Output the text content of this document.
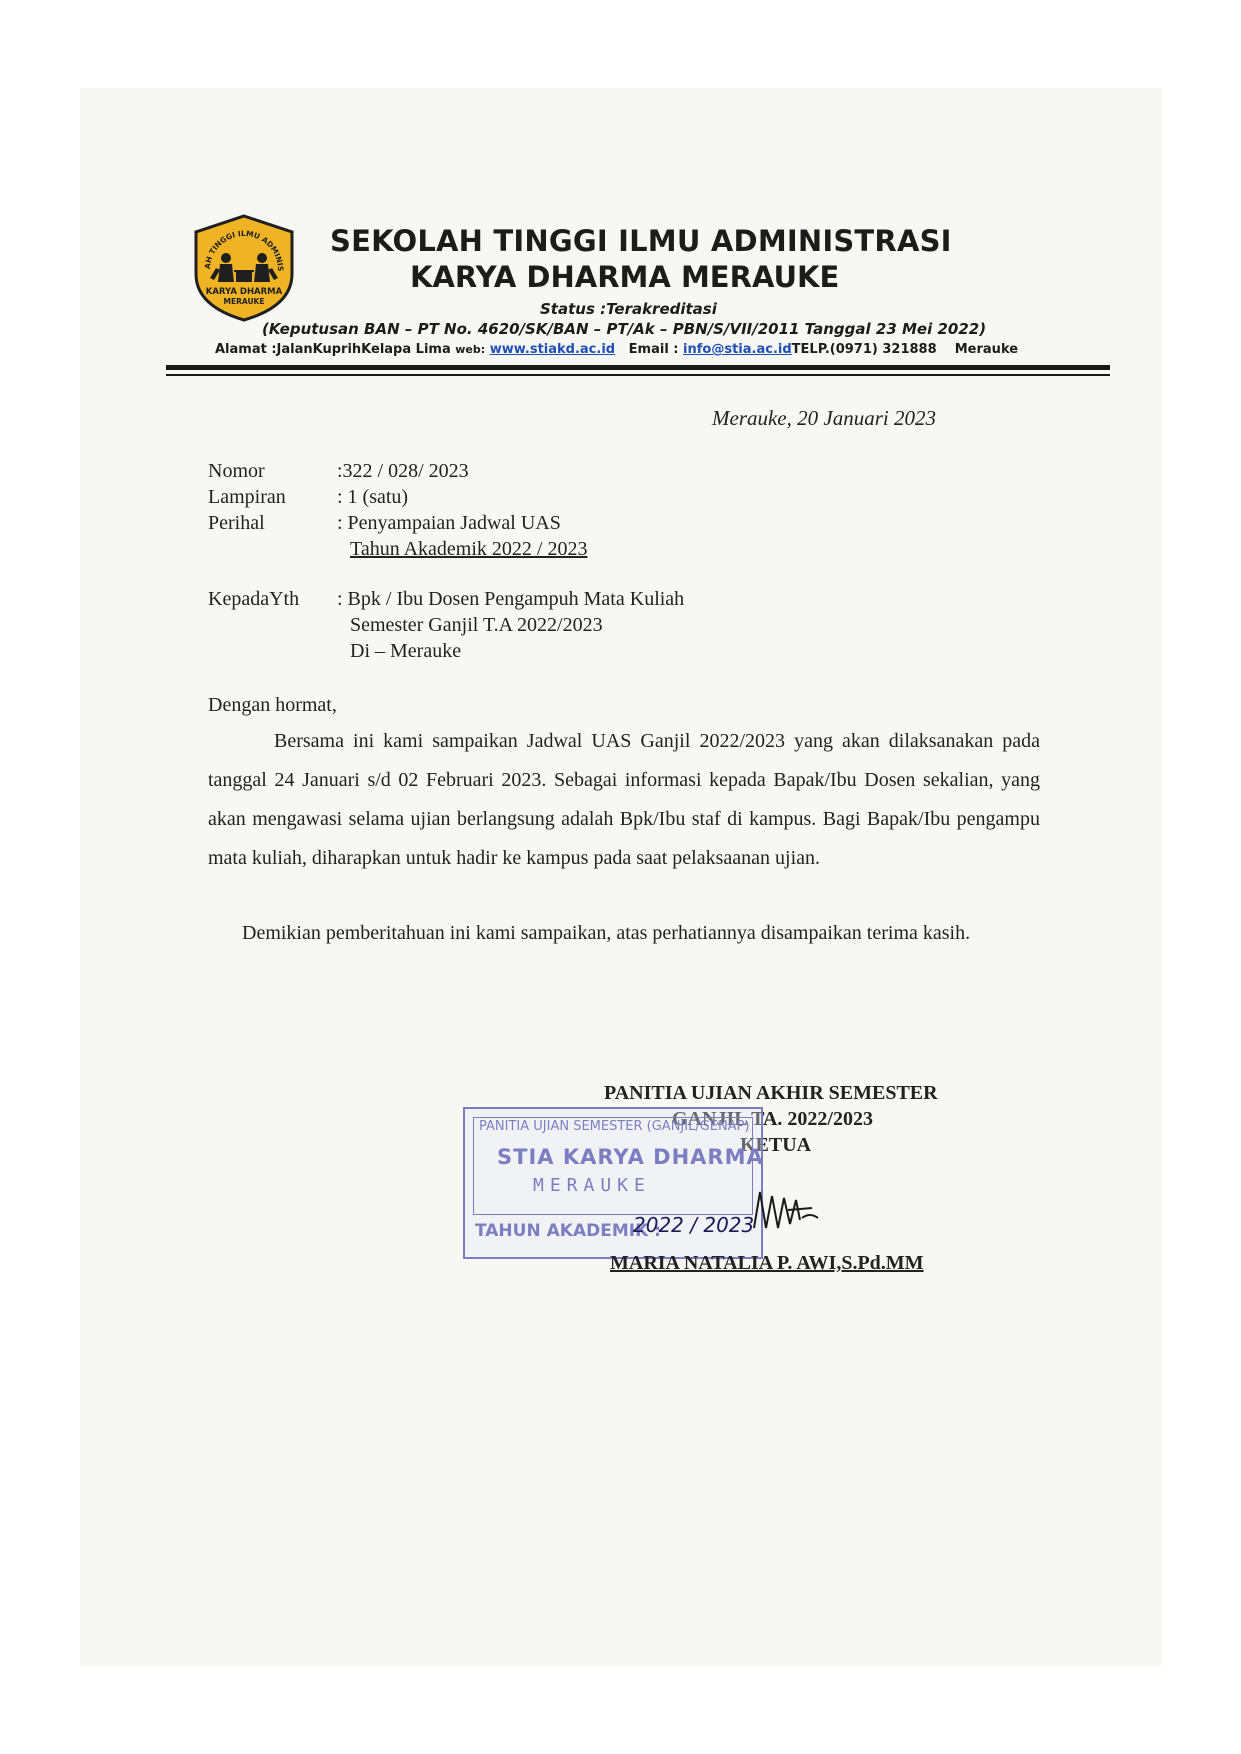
AH TINGGI ILMU ADMINIS
KARYA DHARMA
MERAUKE
SEKOLAH TINGGI ILMU ADMINISTRASI
KARYA DHARMA MERAUKE
Status :Terakreditasi
(Keputusan BAN – PT No. 4620/SK/BAN – PT/Ak – PBN/S/VII/2011 Tanggal 23 Mei 2022)
Alamat :JalanKuprihKelapa Lima web: www.stiakd.ac.id Email : info@stia.ac.idTELP.(0971) 321888 Merauke
Merauke, 20 Januari 2023
Nomor	:322 / 028/ 2023
Lampiran	: 1 (satu)
Perihal	: Penyampaian Jadwal UAS
Tahun Akademik 2022 / 2023
KepadaYth : Bpk / Ibu Dosen Pengampuh Mata Kuliah
Semester Ganjil T.A 2022/2023
Di – Merauke
Dengan hormat,
Bersama ini kami sampaikan Jadwal UAS Ganjil 2022/2023 yang akan dilaksanakan pada tanggal 24 Januari s/d 02 Februari 2023. Sebagai informasi kepada Bapak/Ibu Dosen sekalian, yang akan mengawasi selama ujian berlangsung adalah Bpk/Ibu staf di kampus. Bagi Bapak/Ibu pengampu mata kuliah, diharapkan untuk hadir ke kampus pada saat pelaksaanan ujian.
Demikian pemberitahuan ini kami sampaikan, atas perhatiannya disampaikan terima kasih.
PANITIA UJIAN AKHIR SEMESTER
GANJIL TA. 2022/2023
KETUA
PANITIA UJIAN SEMESTER (GANJIL/GENAP)
STIA KARYA DHARMA
MERAUKE
TAHUN AKADEMIK :
2022 / 2023
MARIA NATALIA P. AWI,S.Pd.MM
